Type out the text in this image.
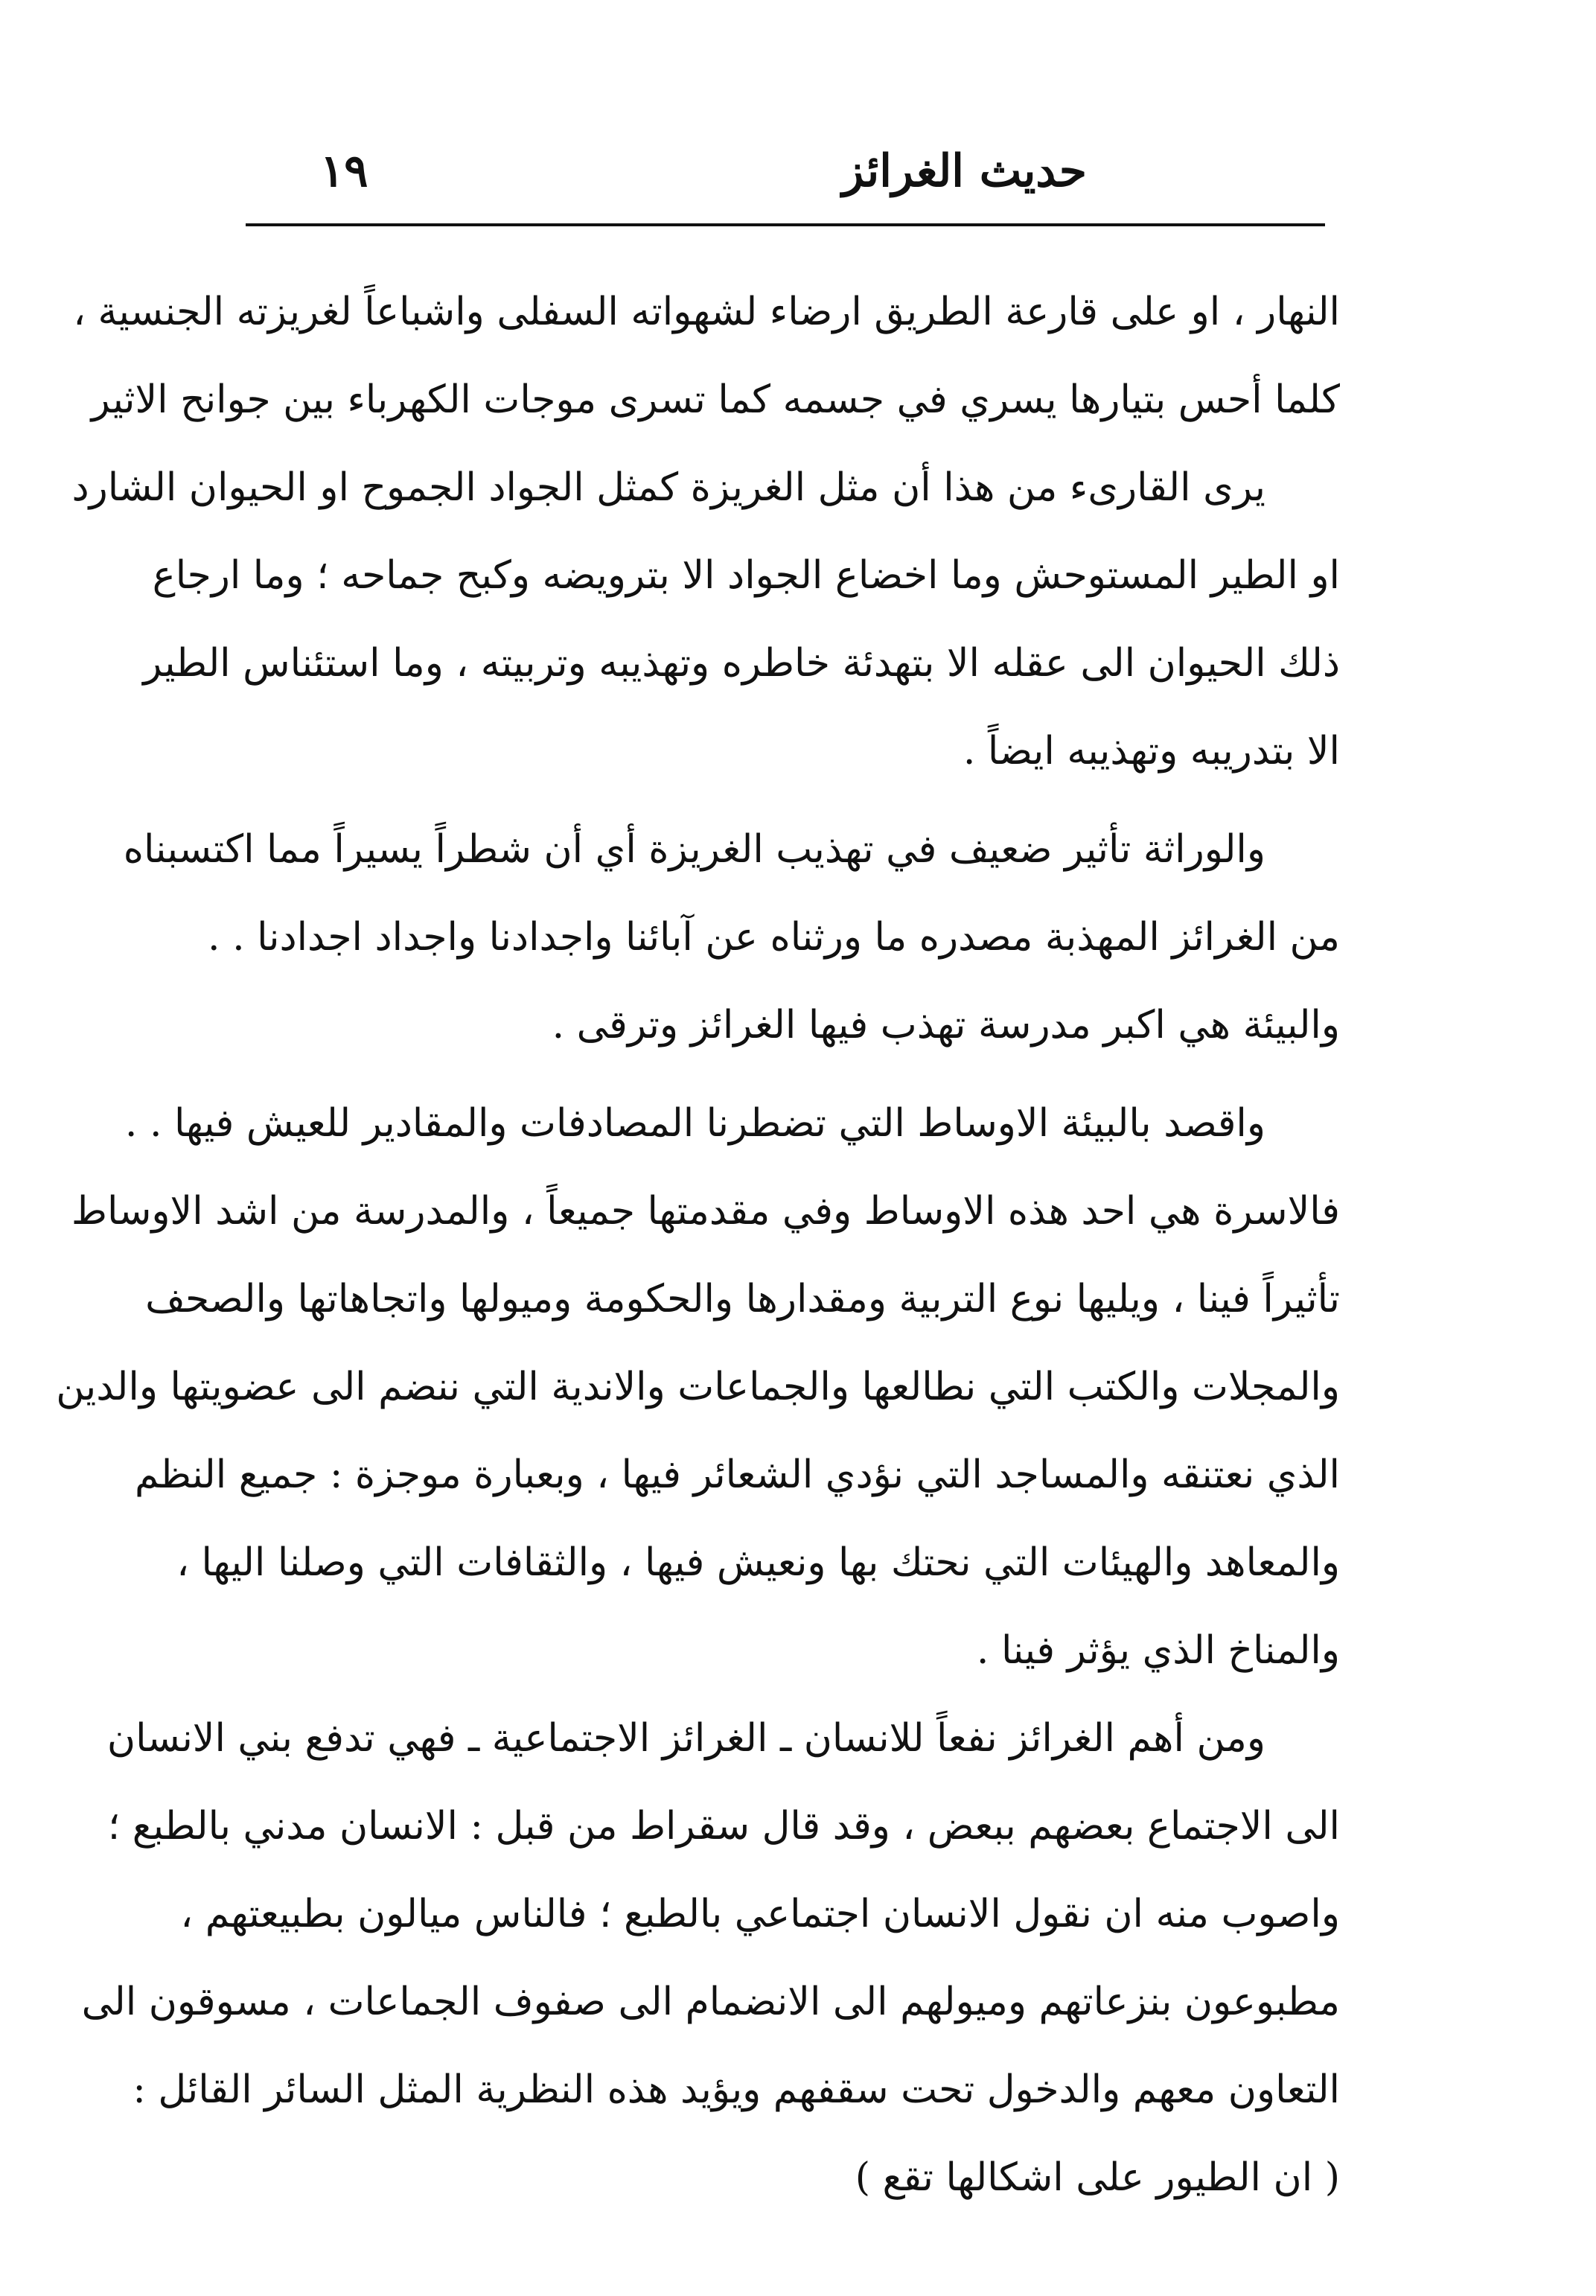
١٩	حديث الغرائز
النهار ، او على قارعة الطريق ارضاء لشهواته السفلى واشباعاً لغريزته الجنسية ،
كلما أحس بتيارها يسري في جسمه كما تسرى موجات الكهرباء بين جوانح الاثير
يرى القارىء من هذا أن مثل الغريزة كمثل الجواد الجموح او الحيوان الشارد
او الطير المستوحش وما اخضاع الجواد الا بترويضه وكبح جماحه ؛ وما ارجاع
ذلك الحيوان الى عقله الا بتهدئة خاطره وتهذيبه وتربيته ، وما استئناس الطير
الا بتدريبه وتهذيبه ايضاً .
والوراثة تأثير ضعيف في تهذيب الغريزة أي أن شطراً يسيراً مما اكتسبناه
من الغرائز المهذبة مصدره ما ورثناه عن آبائنا واجدادنا واجداد اجدادنا . .
والبيئة هي اكبر مدرسة تهذب فيها الغرائز وترقى .
واقصد بالبيئة الاوساط التي تضطرنا المصادفات والمقادير للعيش فيها . .
فالاسرة هي احد هذه الاوساط وفي مقدمتها جميعاً ، والمدرسة من اشد الاوساط
تأثيراً فينا ، ويليها نوع التربية ومقدارها والحكومة وميولها واتجاهاتها والصحف
والمجلات والكتب التي نطالعها والجماعات والاندية التي ننضم الى عضويتها والدين
الذي نعتنقه والمساجد التي نؤدي الشعائر فيها ، وبعبارة موجزة : جميع النظم
والمعاهد والهيئات التي نحتك بها ونعيش فيها ، والثقافات التي وصلنا اليها ،
والمناخ الذي يؤثر فينا .
ومن أهم الغرائز نفعاً للانسان ـ الغرائز الاجتماعية ـ فهي تدفع بني الانسان
الى الاجتماع بعضهم ببعض ، وقد قال سقراط من قبل : الانسان مدني بالطبع ؛
واصوب منه ان نقول الانسان اجتماعي بالطبع ؛ فالناس ميالون بطبيعتهم ،
مطبوعون بنزعاتهم وميولهم الى الانضمام الى صفوف الجماعات ، مسوقون الى
التعاون معهم والدخول تحت سقفهم ويؤيد هذه النظرية المثل السائر القائل :
( ان الطيور على اشكالها تقع )
